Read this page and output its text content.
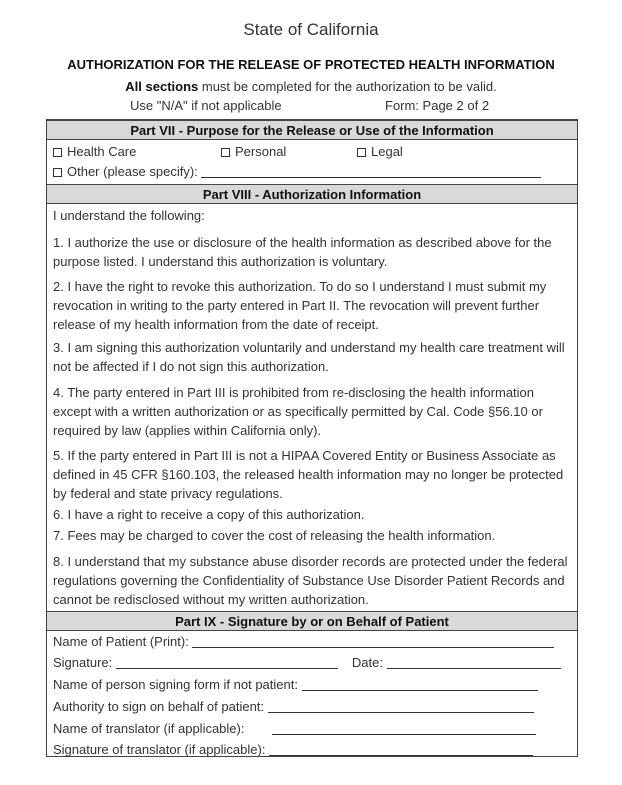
State of California
AUTHORIZATION FOR THE RELEASE OF PROTECTED HEALTH INFORMATION
All sections must be completed for the authorization to be valid.
Use "N/A" if not applicable	Form: Page 2 of 2
Part VII - Purpose for the Release or Use of the Information
Health Care	Personal	Legal
Other (please specify):
Part VIII - Authorization Information
I understand the following:
1. I authorize the use or disclosure of the health information as described above for the purpose listed. I understand this authorization is voluntary.
2. I have the right to revoke this authorization. To do so I understand I must submit my revocation in writing to the party entered in Part II. The revocation will prevent further release of my health information from the date of receipt.
3. I am signing this authorization voluntarily and understand my health care treatment will not be affected if I do not sign this authorization.
4. The party entered in Part III is prohibited from re-disclosing the health information except with a written authorization or as specifically permitted by Cal. Code §56.10 or required by law (applies within California only).
5. If the party entered in Part III is not a HIPAA Covered Entity or Business Associate as defined in 45 CFR §160.103, the released health information may no longer be protected by federal and state privacy regulations.
6. I have a right to receive a copy of this authorization.
7. Fees may be charged to cover the cost of releasing the health information.
8. I understand that my substance abuse disorder records are protected under the federal regulations governing the Confidentiality of Substance Use Disorder Patient Records and cannot be redisclosed without my written authorization.
Part IX - Signature by or on Behalf of Patient
Name of Patient (Print):
Signature:	Date:
Name of person signing form if not patient:
Authority to sign on behalf of patient:
Name of translator (if applicable):
Signature of translator (if applicable):
